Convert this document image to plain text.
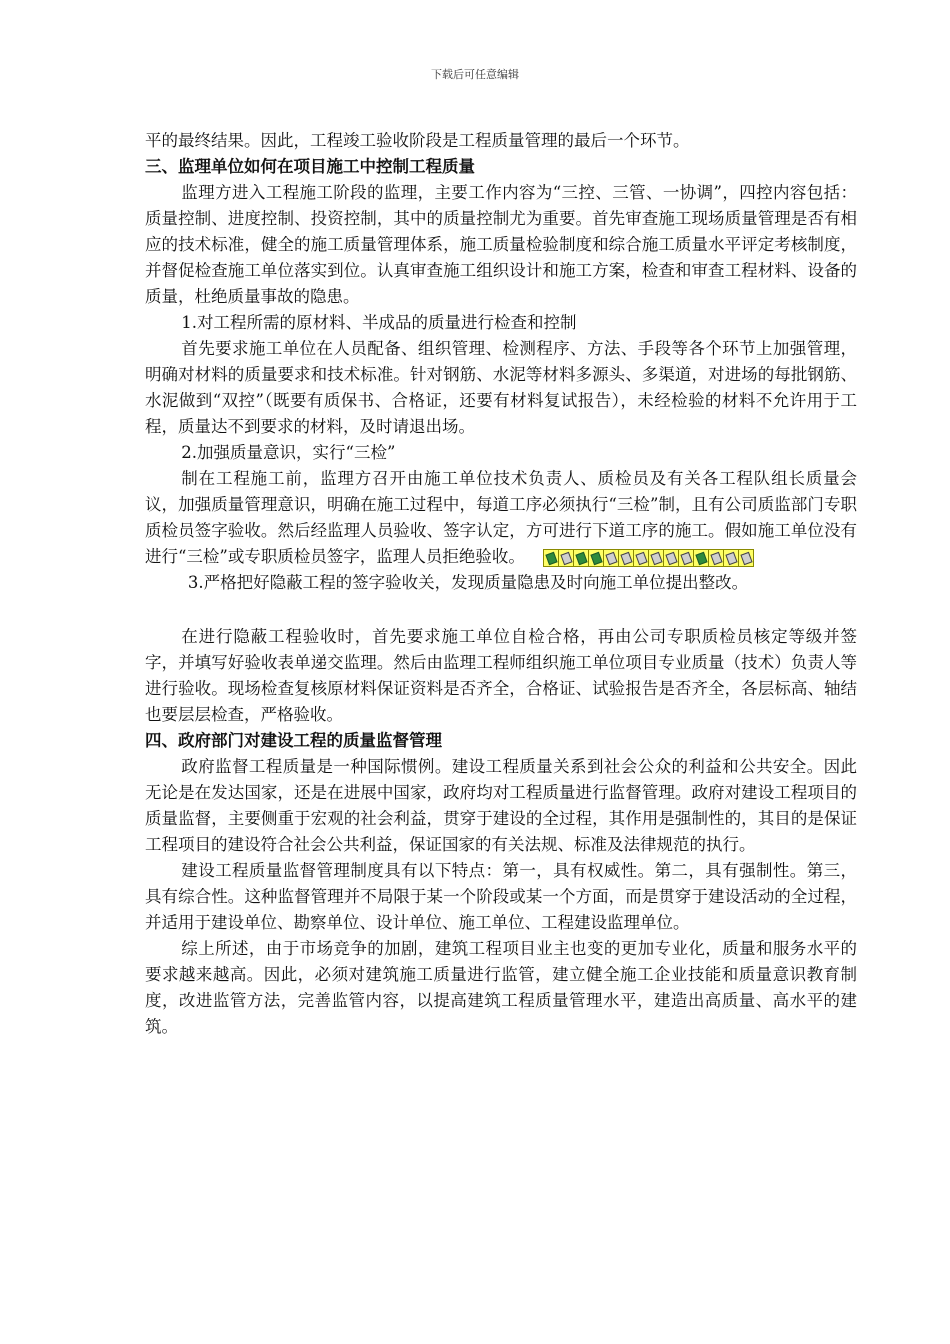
下载后可任意编辑

平的最终结果。因此，工程竣工验收阶段是工程质量管理的最后一个环节。

三、监理单位如何在项目施工中控制工程质量

监理方进入工程施工阶段的监理，主要工作内容为“三控、三管、一协调”，四控内容包括：质量控制、进度控制、投资控制，其中的质量控制尤为重要。首先审查施工现场质量管理是否有相应的技术标准，健全的施工质量管理体系，施工质量检验制度和综合施工质量水平评定考核制度，并督促检查施工单位落实到位。认真审查施工组织设计和施工方案，检查和审查工程材料、设备的质量，杜绝质量事故的隐患。

1.对工程所需的原材料、半成品的质量进行检查和控制

首先要求施工单位在人员配备、组织管理、检测程序、方法、手段等各个环节上加强管理，明确对材料的质量要求和技术标准。针对钢筋、水泥等材料多源头、多渠道，对进场的每批钢筋、水泥做到“双控”（既要有质保书、合格证，还要有材料复试报告），未经检验的材料不允许用于工程，质量达不到要求的材料，及时请退出场。

2.加强质量意识，实行“三检”

制在工程施工前，监理方召开由施工单位技术负责人、质检员及有关各工程队组长质量会议，加强质量管理意识，明确在施工过程中，每道工序必须执行“三检”制，且有公司质监部门专职质检员签字验收。然后经监理人员验收、签字认定，方可进行下道工序的施工。假如施工单位没有进行“三检”或专职质检员签字，监理人员拒绝验收。

3.严格把好隐蔽工程的签字验收关，发现质量隐患及时向施工单位提出整改。

在进行隐蔽工程验收时，首先要求施工单位自检合格，再由公司专职质检员核定等级并签字，并填写好验收表单递交监理。然后由监理工程师组织施工单位项目专业质量（技术）负责人等进行验收。现场检查复核原材料保证资料是否齐全，合格证、试验报告是否齐全，各层标高、轴结也要层层检查，严格验收。

四、政府部门对建设工程的质量监督管理

政府监督工程质量是一种国际惯例。建设工程质量关系到社会公众的利益和公共安全。因此无论是在发达国家，还是在进展中国家，政府均对工程质量进行监督管理。政府对建设工程项目的质量监督，主要侧重于宏观的社会利益，贯穿于建设的全过程，其作用是强制性的，其目的是保证工程项目的建设符合社会公共利益，保证国家的有关法规、标准及法律规范的执行。

建设工程质量监督管理制度具有以下特点：第一，具有权威性。第二，具有强制性。第三，具有综合性。这种监督管理并不局限于某一个阶段或某一个方面，而是贯穿于建设活动的全过程，并适用于建设单位、勘察单位、设计单位、施工单位、工程建设监理单位。

综上所述，由于市场竞争的加剧，建筑工程项目业主也变的更加专业化，质量和服务水平的要求越来越高。因此，必须对建筑施工质量进行监管，建立健全施工企业技能和质量意识教育制度，改进监管方法，完善监管内容，以提高建筑工程质量管理水平，建造出高质量、高水平的建筑。
